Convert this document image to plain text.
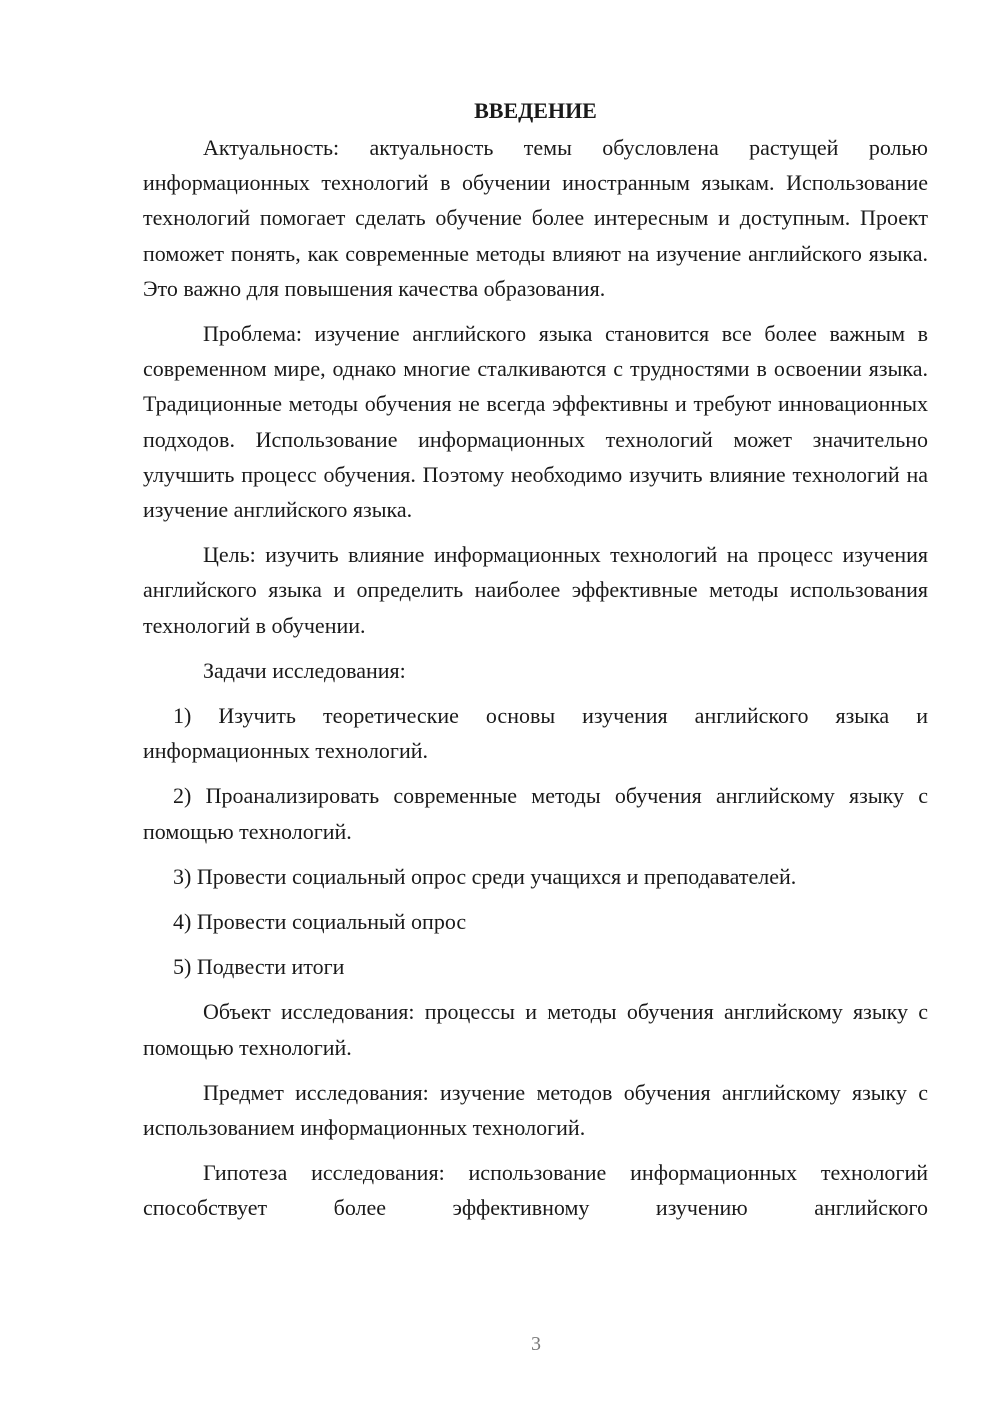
ВВЕДЕНИЕ

Актуальность: актуальность темы обусловлена растущей ролью информационных технологий в обучении иностранным языкам. Использование технологий помогает сделать обучение более интересным и доступным. Проект поможет понять, как современные методы влияют на изучение английского языка. Это важно для повышения качества образования.

Проблема: изучение английского языка становится все более важным в современном мире, однако многие сталкиваются с трудностями в освоении языка. Традиционные методы обучения не всегда эффективны и требуют инновационных подходов. Использование информационных технологий может значительно улучшить процесс обучения. Поэтому необходимо изучить влияние технологий на изучение английского языка.

Цель: изучить влияние информационных технологий на процесс изучения английского языка и определить наиболее эффективные методы использования технологий в обучении.

Задачи исследования:

1) Изучить теоретические основы изучения английского языка и информационных технологий.

2) Проанализировать современные методы обучения английскому языку с помощью технологий.

3) Провести социальный опрос среди учащихся и преподавателей.

4) Провести социальный опрос

5) Подвести итоги

Объект исследования: процессы и методы обучения английскому языку с помощью технологий.

Предмет исследования: изучение методов обучения английскому языку с использованием информационных технологий.

Гипотеза исследования: использование информационных технологий способствует более эффективному изучению английского

3
